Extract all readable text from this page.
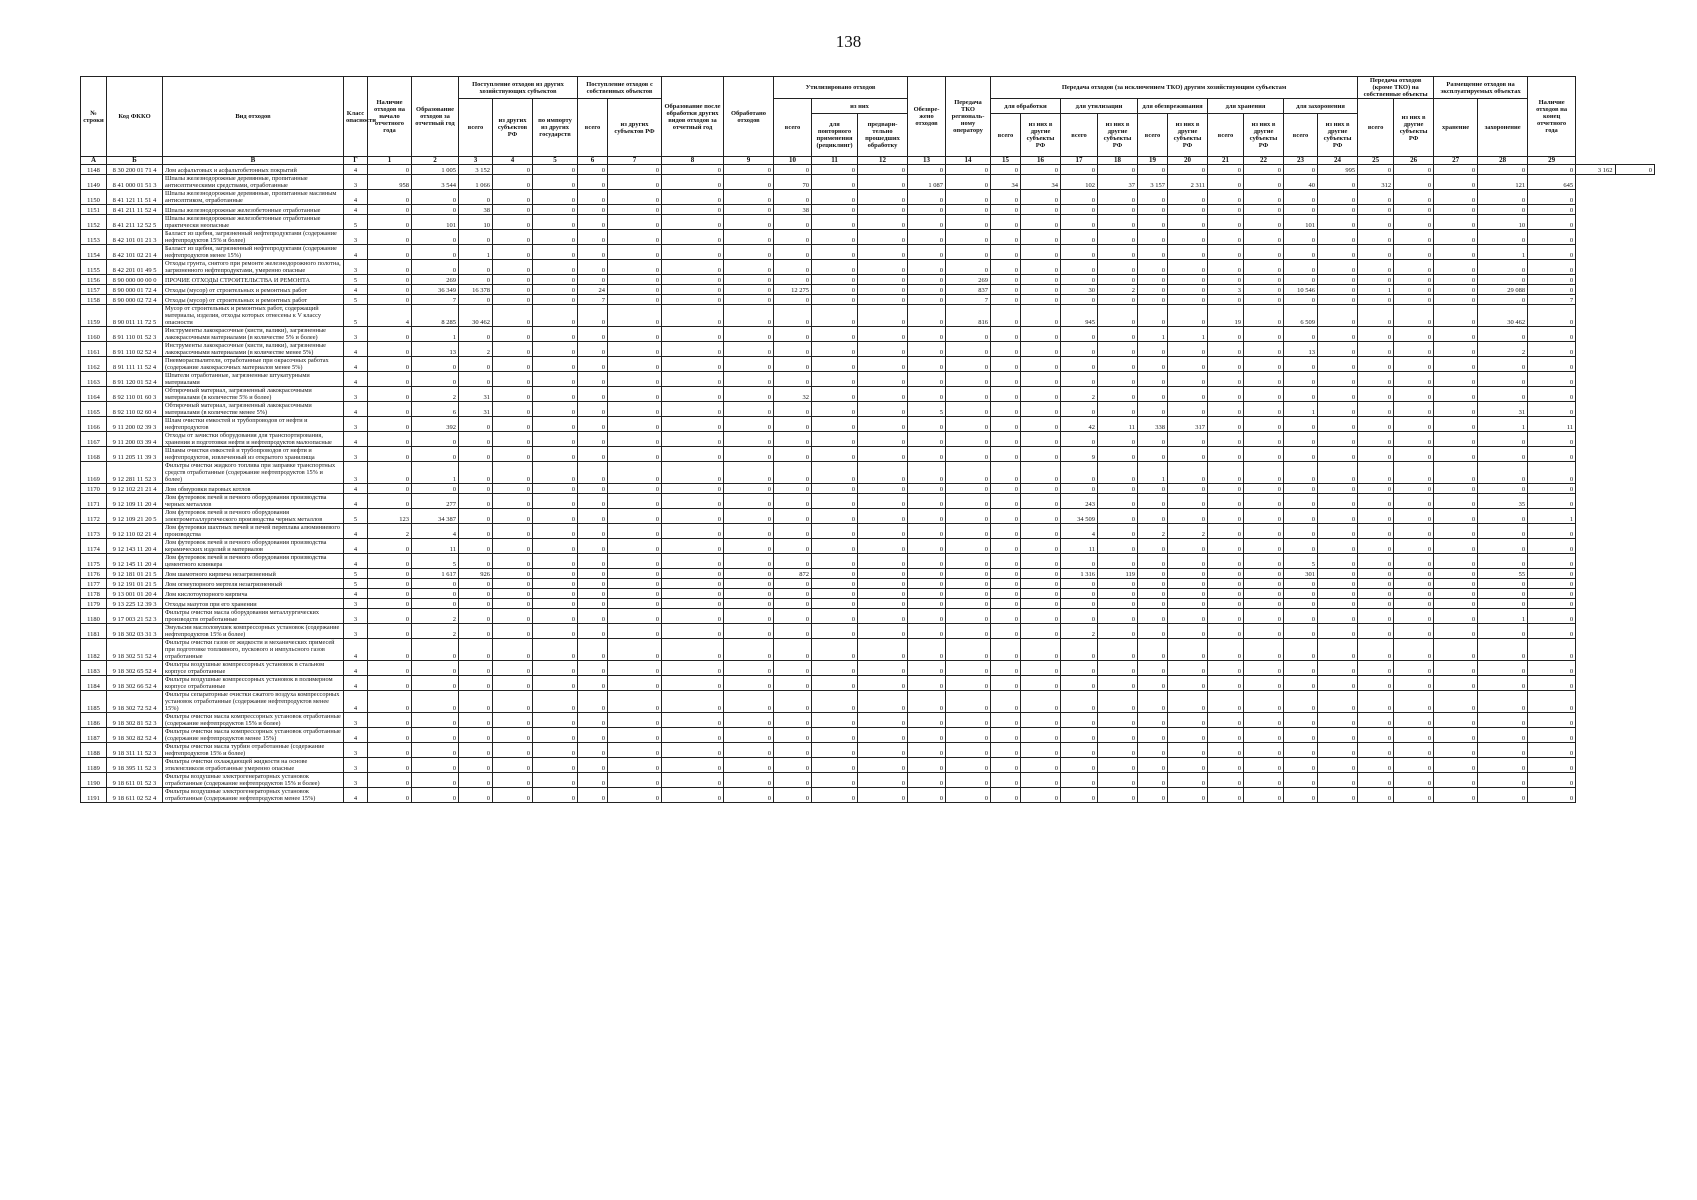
138
№ строки	Код ФККО	Вид отходов	Класс опасности	Наличие отходов на начало отчетного года	Образование отходов за отчетный год	Поступление отходов из других хозяйствующих субъектов			Поступление отходов с собственных объектов		Образование после обработки других видов отходов за отчетный год	Обработано отходов	Утилизировано отходов			Обезвре-жено отходов	Передача ТКО региональ-ному оператору	Передача отходов (за исключением ТКО) другим хозяйствующим субъектам										Передача отходов (кроме ТКО) на собственные объекты		Размещение отходов на эксплуатируемых объектах		Наличие отходов на конец отчетного года		
						всего	из других субъектов РФ	по импорту из других государств	всего	из других субъектов РФ			всего	из них				для обработки		для утилизации		для обезвреживания		для хранения		для захоронения		всего	из них в другие субъекты РФ	хранение	захоронение			
														для повторного применения (рециклинг)	предвари-тельно прошедших обработку			всего	из них в другие субъекты РФ	всего	из них в другие субъекты РФ	всего	из них в другие субъекты РФ	всего	из них в другие субъекты РФ	всего	из них в другие субъекты РФ							
А	Б	В	Г	1	2	3	4	5	6	7	8	9	10	11	12	13	14	15	16	17	18	19	20	21	22	23	24	25	26	27	28	29		
1148	8 30 200 01 71 4	Лом асфальтовых и асфальтобетонных покрытий	4	0	1 005	3 152	0	0	0	0	0	0	0	0	0	0	0	0	0	0	0	0	0	0	0	0	995	0	0	0	0	0	3 162	0
1149	8 41 000 01 51 3	Шпалы железнодорожные деревянные, пропитанные антисептическими средствами, отработанные	3	958	3 544	1 066	0	0	0	0	0	0	70	0	0	1 087	0	34	34	102	37	3 157	2 311	0	0	40	0	312	0	0	121	645		
1150	8 41 121 11 51 4	Шпалы железнодорожные деревянные, пропитанные масляным антисептиком, отработанные	4	0	0	0	0	0	0	0	0	0	0	0	0	0	0	0	0	0	0	0	0	0	0	0	0	0	0	0	0	0		
1151	8 41 211 11 52 4	Шпалы железнодорожные железобетонные отработанные	4	0	0	38	0	0	0	0	0	0	38	0	0	0	0	0	0	0	0	0	0	0	0	0	0	0	0	0	0	0		
1152	8 41 211 12 52 5	Шпалы железнодорожные железобетонные отработанные практически неопасные	5	0	101	10	0	0	0	0	0	0	0	0	0	0	0	0	0	0	0	0	0	0	0	101	0	0	0	0	10	0		
1153	8 42 101 01 21 3	Балласт из щебня, загрязненный нефтепродуктами (содержание нефтепродуктов 15% и более)	3	0	0	0	0	0	0	0	0	0	0	0	0	0	0	0	0	0	0	0	0	0	0	0	0	0	0	0	0	0		
1154	8 42 101 02 21 4	Балласт из щебня, загрязненный нефтепродуктами (содержание нефтепродуктов менее 15%)	4	0	0	1	0	0	0	0	0	0	0	0	0	0	0	0	0	0	0	0	0	0	0	0	0	0	0	0	1	0		
1155	8 42 201 01 49 5	Отходы грунта, снятого при ремонте железнодорожного полотна, загрязненного нефтепродуктами, умеренно опасные	3	0	0	0	0	0	0	0	0	0	0	0	0	0	0	0	0	0	0	0	0	0	0	0	0	0	0	0	0	0		
1156	8 90 000 00 00 0	ПРОЧИЕ ОТХОДЫ СТРОИТЕЛЬСТВА И РЕМОНТА	5	0	269	0	0	0	0	0	0	0	0	0	0	0	269	0	0	0	0	0	0	0	0	0	0	0	0	0	0	0		
1157	8 90 000 01 72 4	Отходы (мусор) от строительных и ремонтных работ	4	0	36 349	16 378	0	0	24	0	0	0	12 275	0	0	0	837	0	0	30	2	0	0	3	0	10 546	0	1	0	0	29 088	0		
1158	8 90 000 02 72 4	Отходы (мусор) от строительных и ремонтных работ	5	0	7	0	0	0	7	0	0	0	0	0	0	0	7	0	0	0	0	0	0	0	0	0	0	0	0	0	0	7		
1159	8 90 011 11 72 5	Мусор от строительных и ремонтных работ, содержащий материалы, изделия, отходы которых отнесены к V классу опасности	5	4	8 285	30 462	0	0	0	0	0	0	0	0	0	0	816	0	0	945	0	0	0	19	0	6 509	0	0	0	0	30 462	0		
1160	8 91 110 01 52 3	Инструменты лакокрасочные (кисти, валики), загрязненные лакокрасочными материалами (в количестве 5% и более)	3	0	1	0	0	0	0	0	0	0	0	0	0	0	0	0	0	0	0	1	1	0	0	0	0	0	0	0	0	0		
1161	8 91 110 02 52 4	Инструменты лакокрасочные (кисти, валики), загрязненные лакокрасочными материалами (в количестве менее 5%)	4	0	13	2	0	0	0	0	0	0	0	0	0	0	0	0	0	0	0	0	0	0	0	13	0	0	0	0	2	0		
1162	8 91 111 11 52 4	Пневмораспылители, отработанные при окрасочных работах (содержание лакокрасочных материалов менее 5%)	4	0	0	0	0	0	0	0	0	0	0	0	0	0	0	0	0	0	0	0	0	0	0	0	0	0	0	0	0	0		
1163	8 91 120 01 52 4	Шпатели отработанные, загрязненные штукатурными материалами	4	0	0	0	0	0	0	0	0	0	0	0	0	0	0	0	0	0	0	0	0	0	0	0	0	0	0	0	0	0		
1164	8 92 110 01 60 3	Обтирочный материал, загрязненный лакокрасочными материалами (в количестве 5% и более)	3	0	2	31	0	0	0	0	0	0	32	0	0	0	0	0	0	2	0	0	0	0	0	0	0	0	0	0	0	0		
1165	8 92 110 02 60 4	Обтирочный материал, загрязненный лакокрасочными материалами (в количестве менее 5%)	4	0	6	31	0	0	0	0	0	0	0	0	0	5	0	0	0	0	0	0	0	0	0	1	0	0	0	0	31	0		
1166	9 11 200 02 39 3	Шлам очистки емкостей и трубопроводов от нефти и нефтепродуктов	3	0	392	0	0	0	0	0	0	0	0	0	0	0	0	0	0	42	11	338	317	0	0	0	0	0	0	0	1	11		
1167	9 11 200 03 39 4	Отходы от зачистки оборудования для транспортирования, хранения и подготовки нефти и нефтепродуктов малоопасные	4	0	0	0	0	0	0	0	0	0	0	0	0	0	0	0	0	0	0	0	0	0	0	0	0	0	0	0	0	0		
1168	9 11 205 11 39 3	Шламы очистки емкостей и трубопроводов от нефти и нефтепродуктов, извлеченный из открытого хранилища	3	0	0	0	0	0	0	0	0	0	0	0	0	0	0	0	0	9	0	0	0	0	0	0	0	0	0	0	0	0		
1169	9 12 281 11 52 3	Фильтры очистки жидкого топлива при заправке транспортных средств отработанные (содержание нефтепродуктов 15% и более)	3	0	1	0	0	0	0	0	0	0	0	0	0	0	0	0	0	0	0	1	0	0	0	0	0	0	0	0	0	0		
1170	9 12 102 21 21 4	Лом обмуровки паровых котлов	4	0	0	0	0	0	0	0	0	0	0	0	0	0	0	0	0	0	0	0	0	0	0	0	0	0	0	0	0	0		
1171	9 12 109 11 20 4	Лом футеровок печей и печного оборудования производства черных металлов	4	0	277	0	0	0	0	0	0	0	0	0	0	0	0	0	0	243	0	0	0	0	0	0	0	0	0	0	35	0		
1172	9 12 109 21 20 5	Лом футеровок печей и печного оборудования электрометаллургического производства черных металлов	5	123	34 387	0	0	0	0	0	0	0	0	0	0	0	0	0	0	34 509	0	0	0	0	0	0	0	0	0	0	0	1		
1173	9 12 110 02 21 4	Лом футеровки шахтных печей и печей переплава алюминиевого производства	4	2	4	0	0	0	0	0	0	0	0	0	0	0	0	0	0	4	0	2	2	0	0	0	0	0	0	0	0	0		
1174	9 12 143 11 20 4	Лом футеровок печей и печного оборудования производства керамических изделий и материалов	4	0	11	0	0	0	0	0	0	0	0	0	0	0	0	0	0	11	0	0	0	0	0	0	0	0	0	0	0	0		
1175	9 12 145 11 20 4	Лом футеровок печей и печного оборудования производства цементного клинкера	4	0	5	0	0	0	0	0	0	0	0	0	0	0	0	0	0	0	0	0	0	0	0	5	0	0	0	0	0	0		
1176	9 12 181 01 21 5	Лом шамотного кирпича незагрязненный	5	0	1 617	926	0	0	0	0	0	0	872	0	0	0	0	0	0	1 316	119	0	0	0	0	301	0	0	0	0	55	0		
1177	9 12 191 01 21 5	Лом огнеупорного мертеля незагрязненный	5	0	0	0	0	0	0	0	0	0	0	0	0	0	0	0	0	0	0	0	0	0	0	0	0	0	0	0	0	0		
1178	9 13 001 01 20 4	Лом кислотоупорного кирпича	4	0	0	0	0	0	0	0	0	0	0	0	0	0	0	0	0	0	0	0	0	0	0	0	0	0	0	0	0	0		
1179	9 13 225 12 39 3	Отходы мазутов при его хранении	3	0	0	0	0	0	0	0	0	0	0	0	0	0	0	0	0	0	0	0	0	0	0	0	0	0	0	0	0	0		
1180	9 17 003 21 52 3	Фильтры очистки масла оборудования металлургических производств отработанные	3	0	2	0	0	0	0	0	0	0	0	0	0	0	0	0	0	0	0	0	0	0	0	0	0	0	0	0	1	0		
1181	9 18 302 03 31 3	Эмульсии маслоловушек компрессорных установок (содержание нефтепродуктов 15% и более)	3	0	2	0	0	0	0	0	0	0	0	0	0	0	0	0	0	2	0	0	0	0	0	0	0	0	0	0	0	0		
1182	9 18 302 51 52 4	Фильтры очистки газов от жидкости и механических примесей при подготовке топливного, пускового и импульсного газов отработанные	4	0	0	0	0	0	0	0	0	0	0	0	0	0	0	0	0	0	0	0	0	0	0	0	0	0	0	0	0	0		
1183	9 18 302 65 52 4	Фильтры воздушные компрессорных установок в стальном корпусе отработанные	4	0	0	0	0	0	0	0	0	0	0	0	0	0	0	0	0	0	0	0	0	0	0	0	0	0	0	0	0	0		
1184	9 18 302 66 52 4	Фильтры воздушные компрессорных установок в полимерном корпусе отработанные	4	0	0	0	0	0	0	0	0	0	0	0	0	0	0	0	0	0	0	0	0	0	0	0	0	0	0	0	0	0		
1185	9 18 302 72 52 4	Фильтры сепараторные очистки сжатого воздуха компрессорных установок отработанные (содержание нефтепродуктов менее 15%)	4	0	0	0	0	0	0	0	0	0	0	0	0	0	0	0	0	0	0	0	0	0	0	0	0	0	0	0	0	0		
1186	9 18 302 81 52 3	Фильтры очистки масла компрессорных установок отработанные (содержание нефтепродуктов 15% и более)	3	0	0	0	0	0	0	0	0	0	0	0	0	0	0	0	0	0	0	0	0	0	0	0	0	0	0	0	0	0		
1187	9 18 302 82 52 4	Фильтры очистки масла компрессорных установок отработанные (содержание нефтепродуктов менее 15%)	4	0	0	0	0	0	0	0	0	0	0	0	0	0	0	0	0	0	0	0	0	0	0	0	0	0	0	0	0	0		
1188	9 18 311 11 52 3	Фильтры очистки масла турбин отработанные (содержание нефтепродуктов 15% и более)	3	0	0	0	0	0	0	0	0	0	0	0	0	0	0	0	0	0	0	0	0	0	0	0	0	0	0	0	0	0		
1189	9 18 395 11 52 3	Фильтры очистки охлаждающей жидкости на основе этиленгликоля отработанные умеренно опасные	3	0	0	0	0	0	0	0	0	0	0	0	0	0	0	0	0	0	0	0	0	0	0	0	0	0	0	0	0	0		
1190	9 18 611 01 52 3	Фильтры воздушные электрогенераторных установок отработанные (содержание нефтепродуктов 15% и более)	3	0	0	0	0	0	0	0	0	0	0	0	0	0	0	0	0	0	0	0	0	0	0	0	0	0	0	0	0	0		
1191	9 18 611 02 52 4	Фильтры воздушные электрогенераторных установок отработанные (содержание нефтепродуктов менее 15%)	4	0	0	0	0	0	0	0	0	0	0	0	0	0	0	0	0	0	0	0	0	0	0	0	0	0	0	0	0	0		
